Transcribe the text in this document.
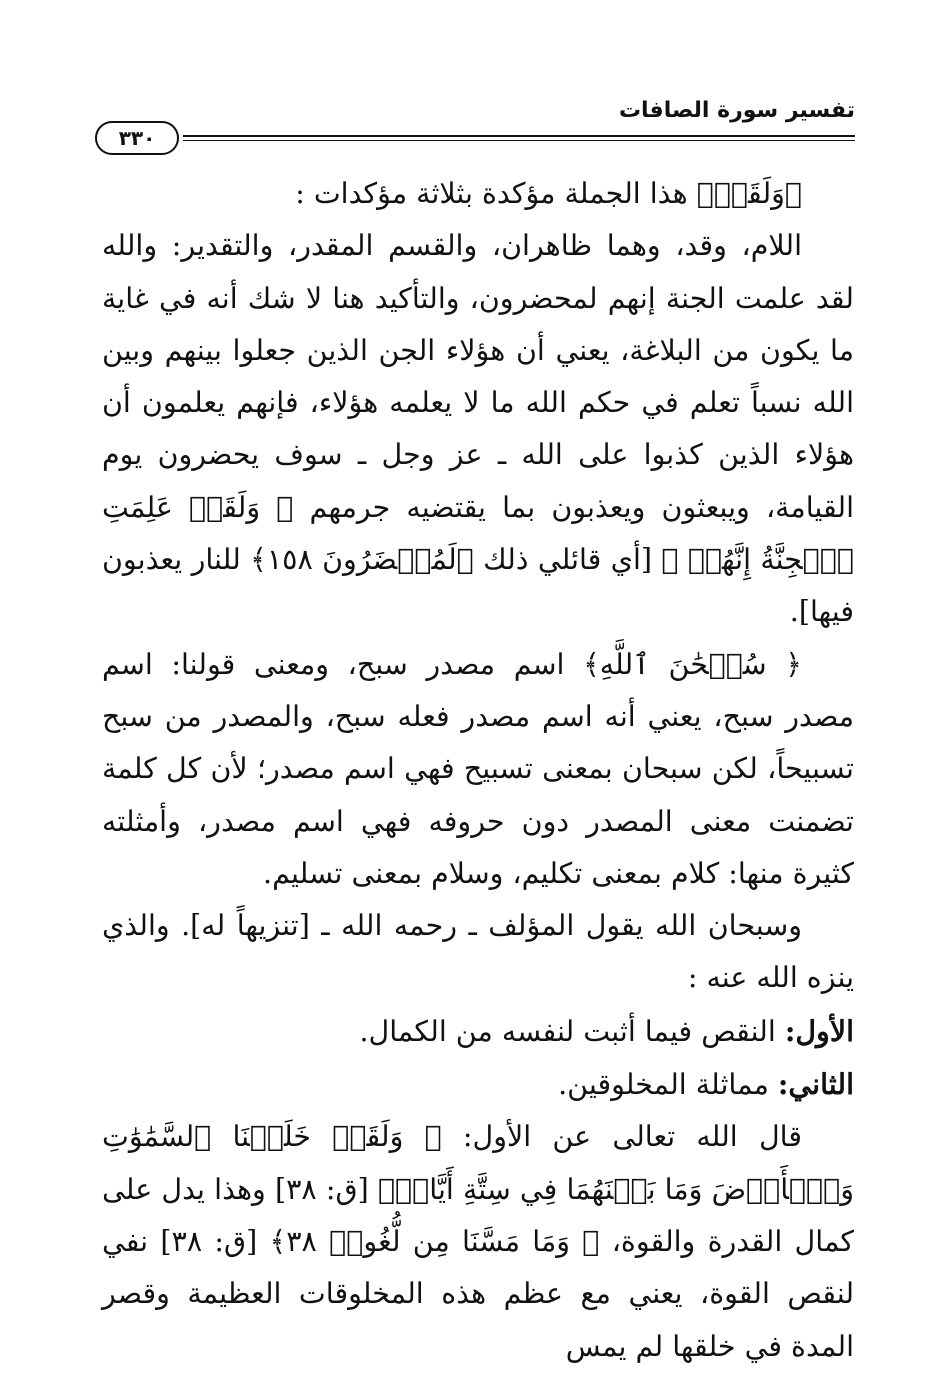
تفسير سورة الصافات
٣٣٠

﴿وَلَقَدۡ﴾ هذا الجملة مؤكدة بثلاثة مؤكدات :

اللام، وقد، وهما ظاهران، والقسم المقدر، والتقدير: والله لقد علمت الجنة إنهم لمحضرون، والتأكيد هنا لا شك أنه في غاية ما يكون من البلاغة، يعني أن هؤلاء الجن الذين جعلوا بينهم وبين الله نسباً تعلم في حكم الله ما لا يعلمه هؤلاء، فإنهم يعلمون أن هؤلاء الذين كذبوا على الله ـ عز وجل ـ سوف يحضرون يوم القيامة، ويبعثون ويعذبون بما يقتضيه جرمهم ﴿ وَلَقَدۡ عَلِمَتِ ٱلۡجِنَّةُ إِنَّهُمۡ ﴾ [أي قائلي ذلك ﴿لَمُحۡضَرُونَ ١٥٨﴾ للنار يعذبون فيها].

﴿ سُبۡحَٰنَ ٱللَّهِ﴾ اسم مصدر سبح، ومعنى قولنا: اسم مصدر سبح، يعني أنه اسم مصدر فعله سبح، والمصدر من سبح تسبيحاً، لكن سبحان بمعنى تسبيح فهي اسم مصدر؛ لأن كل كلمة تضمنت معنى المصدر دون حروفه فهي اسم مصدر، وأمثلته كثيرة منها: كلام بمعنى تكليم، وسلام بمعنى تسليم.

وسبحان الله يقول المؤلف ـ رحمه الله ـ [تنزيهاً له]. والذي ينزه الله عنه :

الأول: النقص فيما أثبت لنفسه من الكمال.

الثاني: مماثلة المخلوقين.

قال الله تعالى عن الأول: ﴿ وَلَقَدۡ خَلَقۡنَا ٱلسَّمَٰوَٰتِ وَٱلۡأَرۡضَ وَمَا بَيۡنَهُمَا فِي سِتَّةِ أَيَّامٖ﴾ [ق: ٣٨] وهذا يدل على كمال القدرة والقوة، ﴿ وَمَا مَسَّنَا مِن لُّغُوبٖ ٣٨﴾ [ق: ٣٨] نفي لنقص القوة، يعني مع عظم هذه المخلوقات العظيمة وقصر المدة في خلقها لم يمس
